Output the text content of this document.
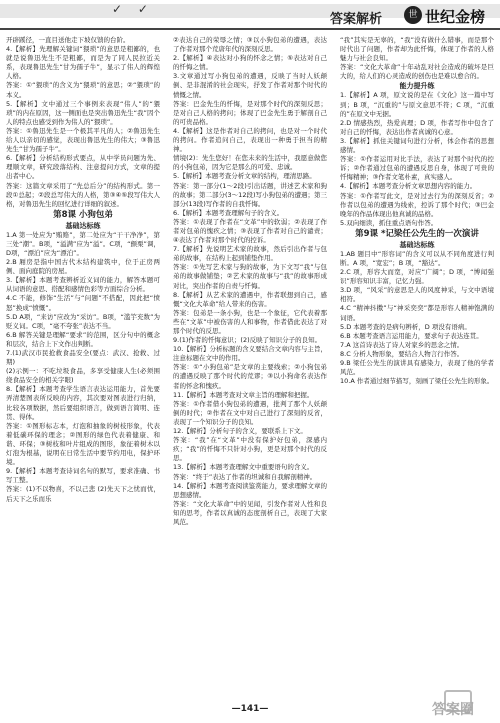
✓ ✓
答案解析	世 世纪金榜

开辟蹊径，一直目送他走下坡仅馈的台阶。

4.【解析】先理解关键词“猥琐”的意思是粗鄙的，也就是说鲁迅先生不是粗鄙，而是为了同人民拉近关系，表现鲁迅先生“甘为孺子牛”，显示了伟人的辉煌人格。

答案：①“猥琐”的含义为“猥琐”的意思；②“猥琐”的本义。

5.【解析】文中通过三个事例来表现“伟人”的“猥琐”的内在原因，这一侧面也是突出鲁迅先生“我”因个人的特点也感受到作为伟人的“猥琐”。

答案：①鲁迅先生是一个极其平凡的人；②鲁迅先生给人以亲切的感觉，表现出鲁迅先生的伟大；③鲁迅先生“甘为孺子牛”。

6.【解析】分析结构形式要点，从中学员问题为先、理顺文章，研究段落结构、注意提问方式，文章的提出者中心。

答案：这篇文章采用了“先总后分”的结构形式。第一段①总起；②段总写伟大的人格，第③④⑤段写伟大人格，对鲁迅先生的回忆进行详细的叙述。

第8课 小狗包弟

基础达标练

1.A 第一处应为“贿赂”，第二处应为“干干净净”，第三处“潮”。B项，“溢满”应为“溢”。C项，“颤栗”调，D项，“漂泊”应为“漂泊”。

2.B 厢房是指中国古代木结构建筑中，位于正房两侧、面向庭院的房屋。

3.【解析】本题考查辨析近义词的能力，解答本题可从词语的意思、搭配和感情色彩等方面综合分析。

4.C 不能，修饰“生活”与“问题”不搭配，因此把“愤怒”换成“愤慨”。

5.D A项，“来访”应改为“采访”。B项，“滥竽充数”为贬义词。C项，“毫不夸张”表达不当。

6.B 解答关键是理解“要求”的范围，区分句中的概念和层次，结合上下文作出判断。

7.(1)武汉市民抢救食品安全(要点：武汉、抢救、过期)

(2)示例一：不吃垃圾食品，多享受健康人生(必须围绕食品安全的相关字眼)

8.【解析】本题考查学生语言表达运用能力，首先要弄清楚图表所反映的内容，其次要对图表进行归纳，比较各项数据，然后要组织语言，做到语言简明、连贯、得体。

答案：①图形标志本，灯泡和抽象的树枝形象，代表着低碳环保的理念；②图形的绿色代表着健康、和谐、环保；③树枝和叶片组成的图形，象征着树木以灯泡为根基，说明在日常生活中要节约用电，保护环境。

9.【解析】本题考查诗词名句的默写，要求准确、书写工整。

答案：(1)不以物喜，不以己悲 (2)先天下之忧而忧，后天下之乐而乐

②表达自己的荣辱之情；③以小狗包弟的遭遇，表达了作者对那个荒唐年代的深刻反思。

2.【解析】④表达对小狗的怀念之情；⑤表达对自己的忏悔之情。

3.文章通过写小狗包弟的遭遇，反映了当时人妖颠倒、是非混淆的社会现实，抒发了作者对那个时代的愤慨之情。

答案：巴金先生的忏悔，是对那个时代的深刻反思；是对自己人格的拷问；体现了巴金先生勇于解剖自己的可贵品格。

4.【解析】这是作者对自己的拷问，也是对一个时代的拷问。作者追问自己，表现出一种勇于担当的精神。

情境(2)：先生您好！在您未来的生活中，我愿意做您的小狗包弟，因为它是那么的可爱、忠诚。

5.【解析】本题考查分析文章的结构，理清思路。

答案：第一部分(1～2段)引出话题，讲述艺术家和狗的故事；第二部分(3～12段)写小狗包弟的遭遇；第三部分(13段)写作者的自我忏悔。

6.【解析】本题考查理解句子的含义。

答案：①表现了作者在“文革”中的软弱；②表现了作者对包弟的愧疚之情；③表现了作者对自己的谴责；④表达了作者对那个时代的控诉。

7.【解析】先说明艺术家的故事，然后引出作者与包弟的故事，在结构上起到铺垫作用。

答案：①先写艺术家与狗的故事，为下文写“我”与包弟的故事做铺垫；②艺术家的故事与“我”的故事形成对比，突出作者的自责与忏悔。

8.【解析】从艺术家的遭遇中，作者联想到自己，感慨“文化大革命”给人带来的伤害。

答案：包弟是一条小狗，也是一个象征，它代表着那些在“文革”中被伤害的人和事物，作者借此表达了对那个时代的反思。

9.(1)作者的忏悔意识；(2)反映了知识分子的良知。

10.【解析】分析标题的含义要结合文章内容与主旨，注意标题在文中的作用。

答案：①“小狗包弟”是文章的主要线索；②小狗包弟的遭遇反映了那个时代的荒谬；③以小狗命名表达作者的怀念和愧疚。

11.【解析】本题考查对文章主旨的理解和把握。

答案：①作者借小狗包弟的遭遇，批判了那个人妖颠倒的时代；②作者在文中对自己进行了深刻的反省，表现了一个知识分子的良知。

12.【解析】分析句子的含义，要联系上下文。

答案：“我”在“文革”中没有保护好包弟，深感内疚；“我”的忏悔不只针对小狗，更是对那个时代的反思。

13.【解析】本题考查理解文中重要语句的含义。

答案：“终于”表达了作者的坦诚和自我解剖精神。

14.【解析】本题考查阅读鉴赏能力，要求理解文章的思想感情。

答案：“文化大革命”中的见闻，引发作者对人性和良知的思考，作者以真诚的态度剖析自己，表现了大家风范。

“我”其实是无辜的，“我”没有做什么错事，而是那个时代出了问题，作者却为此忏悔，体现了作者的人格魅力与社会良知。

答案：“文化大革命”十年动乱对社会造成的破坏是巨大的，给人们的心灵造成的创伤也是难以愈合的。

能力提升练

1.【解析】A 项，原文说的是在《文化》这一篇中写到；B 项，“沉重的”与原文意思不符；C 项，“沉重的”在原文中无据。

2.D 情感热烈，热爱真理；D 项，作者写作中包含了对自己的忏悔，表达出作者真诚的心意。

3.【解析】抓住关键词句进行分析，体会作者的思想感情。

答案：①作者运用对比手法，表达了对那个时代的控诉；②作者通过包弟的遭遇反思自身，体现了可贵的忏悔精神；③作者文笔朴素，真实感人。

4.【解析】本题考查分析文章思想内容的能力。

答案：①作者写此文，是对过去行为的深刻反省；②作者以包弟的遭遇为线索，控诉了那个时代；③巴金晚年的作品体现出他真诚的品格。

5.双向细读，抓住重点语句作答。

第9课 *记梁任公先生的一次演讲

基础达标练

1.AB 题目中“形容词”的含义可以从不同角度进行判断。A 项，“宽宏”；B 项，“豁达”。

2.C 项，形容大而宽，对应“广阔”；D 项，“博闻强识”形容知识丰富，记忆力强。

3.D 项，“风采”的意思是人的风度神采，与文中语境相符。

4.C “精神抖擞”与“神采奕奕”都是形容人精神饱满的词语。

5.D 本题考查的是病句辨析，D 项没有语病。

6.B 本题考查语言运用能力，要求句子表达连贯。

7.A 这首诗表达了诗人对家乡的思念之情。

8.C 分析人物形象，要结合人物言行作答。

9.B 梁任公先生的演讲具有感染力，表现了他的学者风范。

10.A 作者通过细节描写，刻画了梁任公先生的形象。

—141—	答案圈
